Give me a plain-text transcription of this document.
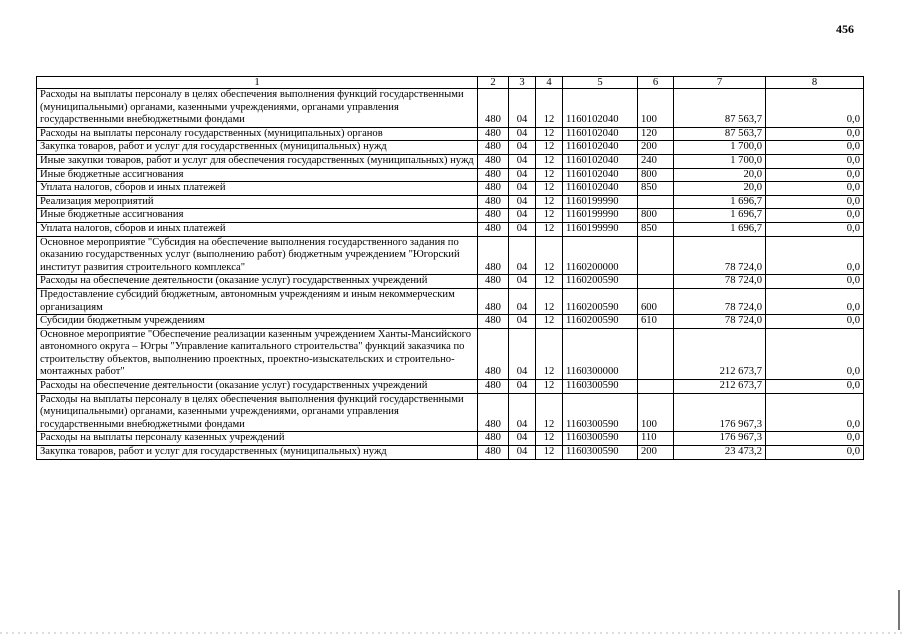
456
1	2	3	4	5	6	7	8
Расходы на выплаты персоналу в целях обеспечения выполнения функций государственными (муниципальными) органами, казенными учреждениями, органами управления государственными внебюджетными фондами	480	04	12	1160102040	100	87 563,7	0,0
Расходы на выплаты персоналу государственных (муниципальных) органов	480	04	12	1160102040	120	87 563,7	0,0
Закупка товаров, работ и услуг для государственных (муниципальных) нужд	480	04	12	1160102040	200	1 700,0	0,0
Иные закупки товаров, работ и услуг для обеспечения государственных (муниципальных) нужд	480	04	12	1160102040	240	1 700,0	0,0
Иные бюджетные ассигнования	480	04	12	1160102040	800	20,0	0,0
Уплата налогов, сборов и иных платежей	480	04	12	1160102040	850	20,0	0,0
Реализация мероприятий	480	04	12	1160199990		1 696,7	0,0
Иные бюджетные ассигнования	480	04	12	1160199990	800	1 696,7	0,0
Уплата налогов, сборов и иных платежей	480	04	12	1160199990	850	1 696,7	0,0
Основное мероприятие "Субсидия на обеспечение выполнения государственного задания по оказанию государственных услуг (выполнению работ) бюджетным учреждением "Югорский институт развития строительного комплекса"	480	04	12	1160200000		78 724,0	0,0
Расходы на обеспечение деятельности (оказание услуг) государственных учреждений	480	04	12	1160200590		78 724,0	0,0
Предоставление субсидий бюджетным, автономным учреждениям и иным некоммерческим организациям	480	04	12	1160200590	600	78 724,0	0,0
Субсидии бюджетным учреждениям	480	04	12	1160200590	610	78 724,0	0,0
Основное мероприятие "Обеспечение реализации казенным учреждением Ханты-Мансийского автономного округа – Югры "Управление капитального строительства" функций заказчика по строительству объектов, выполнению проектных, проектно-изыскательских и строительно-монтажных работ"	480	04	12	1160300000		212 673,7	0,0
Расходы на обеспечение деятельности (оказание услуг) государственных учреждений	480	04	12	1160300590		212 673,7	0,0
Расходы на выплаты персоналу в целях обеспечения выполнения функций государственными (муниципальными) органами, казенными учреждениями, органами управления государственными внебюджетными фондами	480	04	12	1160300590	100	176 967,3	0,0
Расходы на выплаты персоналу казенных учреждений	480	04	12	1160300590	110	176 967,3	0,0
Закупка товаров, работ и услуг для государственных (муниципальных) нужд	480	04	12	1160300590	200	23 473,2	0,0
